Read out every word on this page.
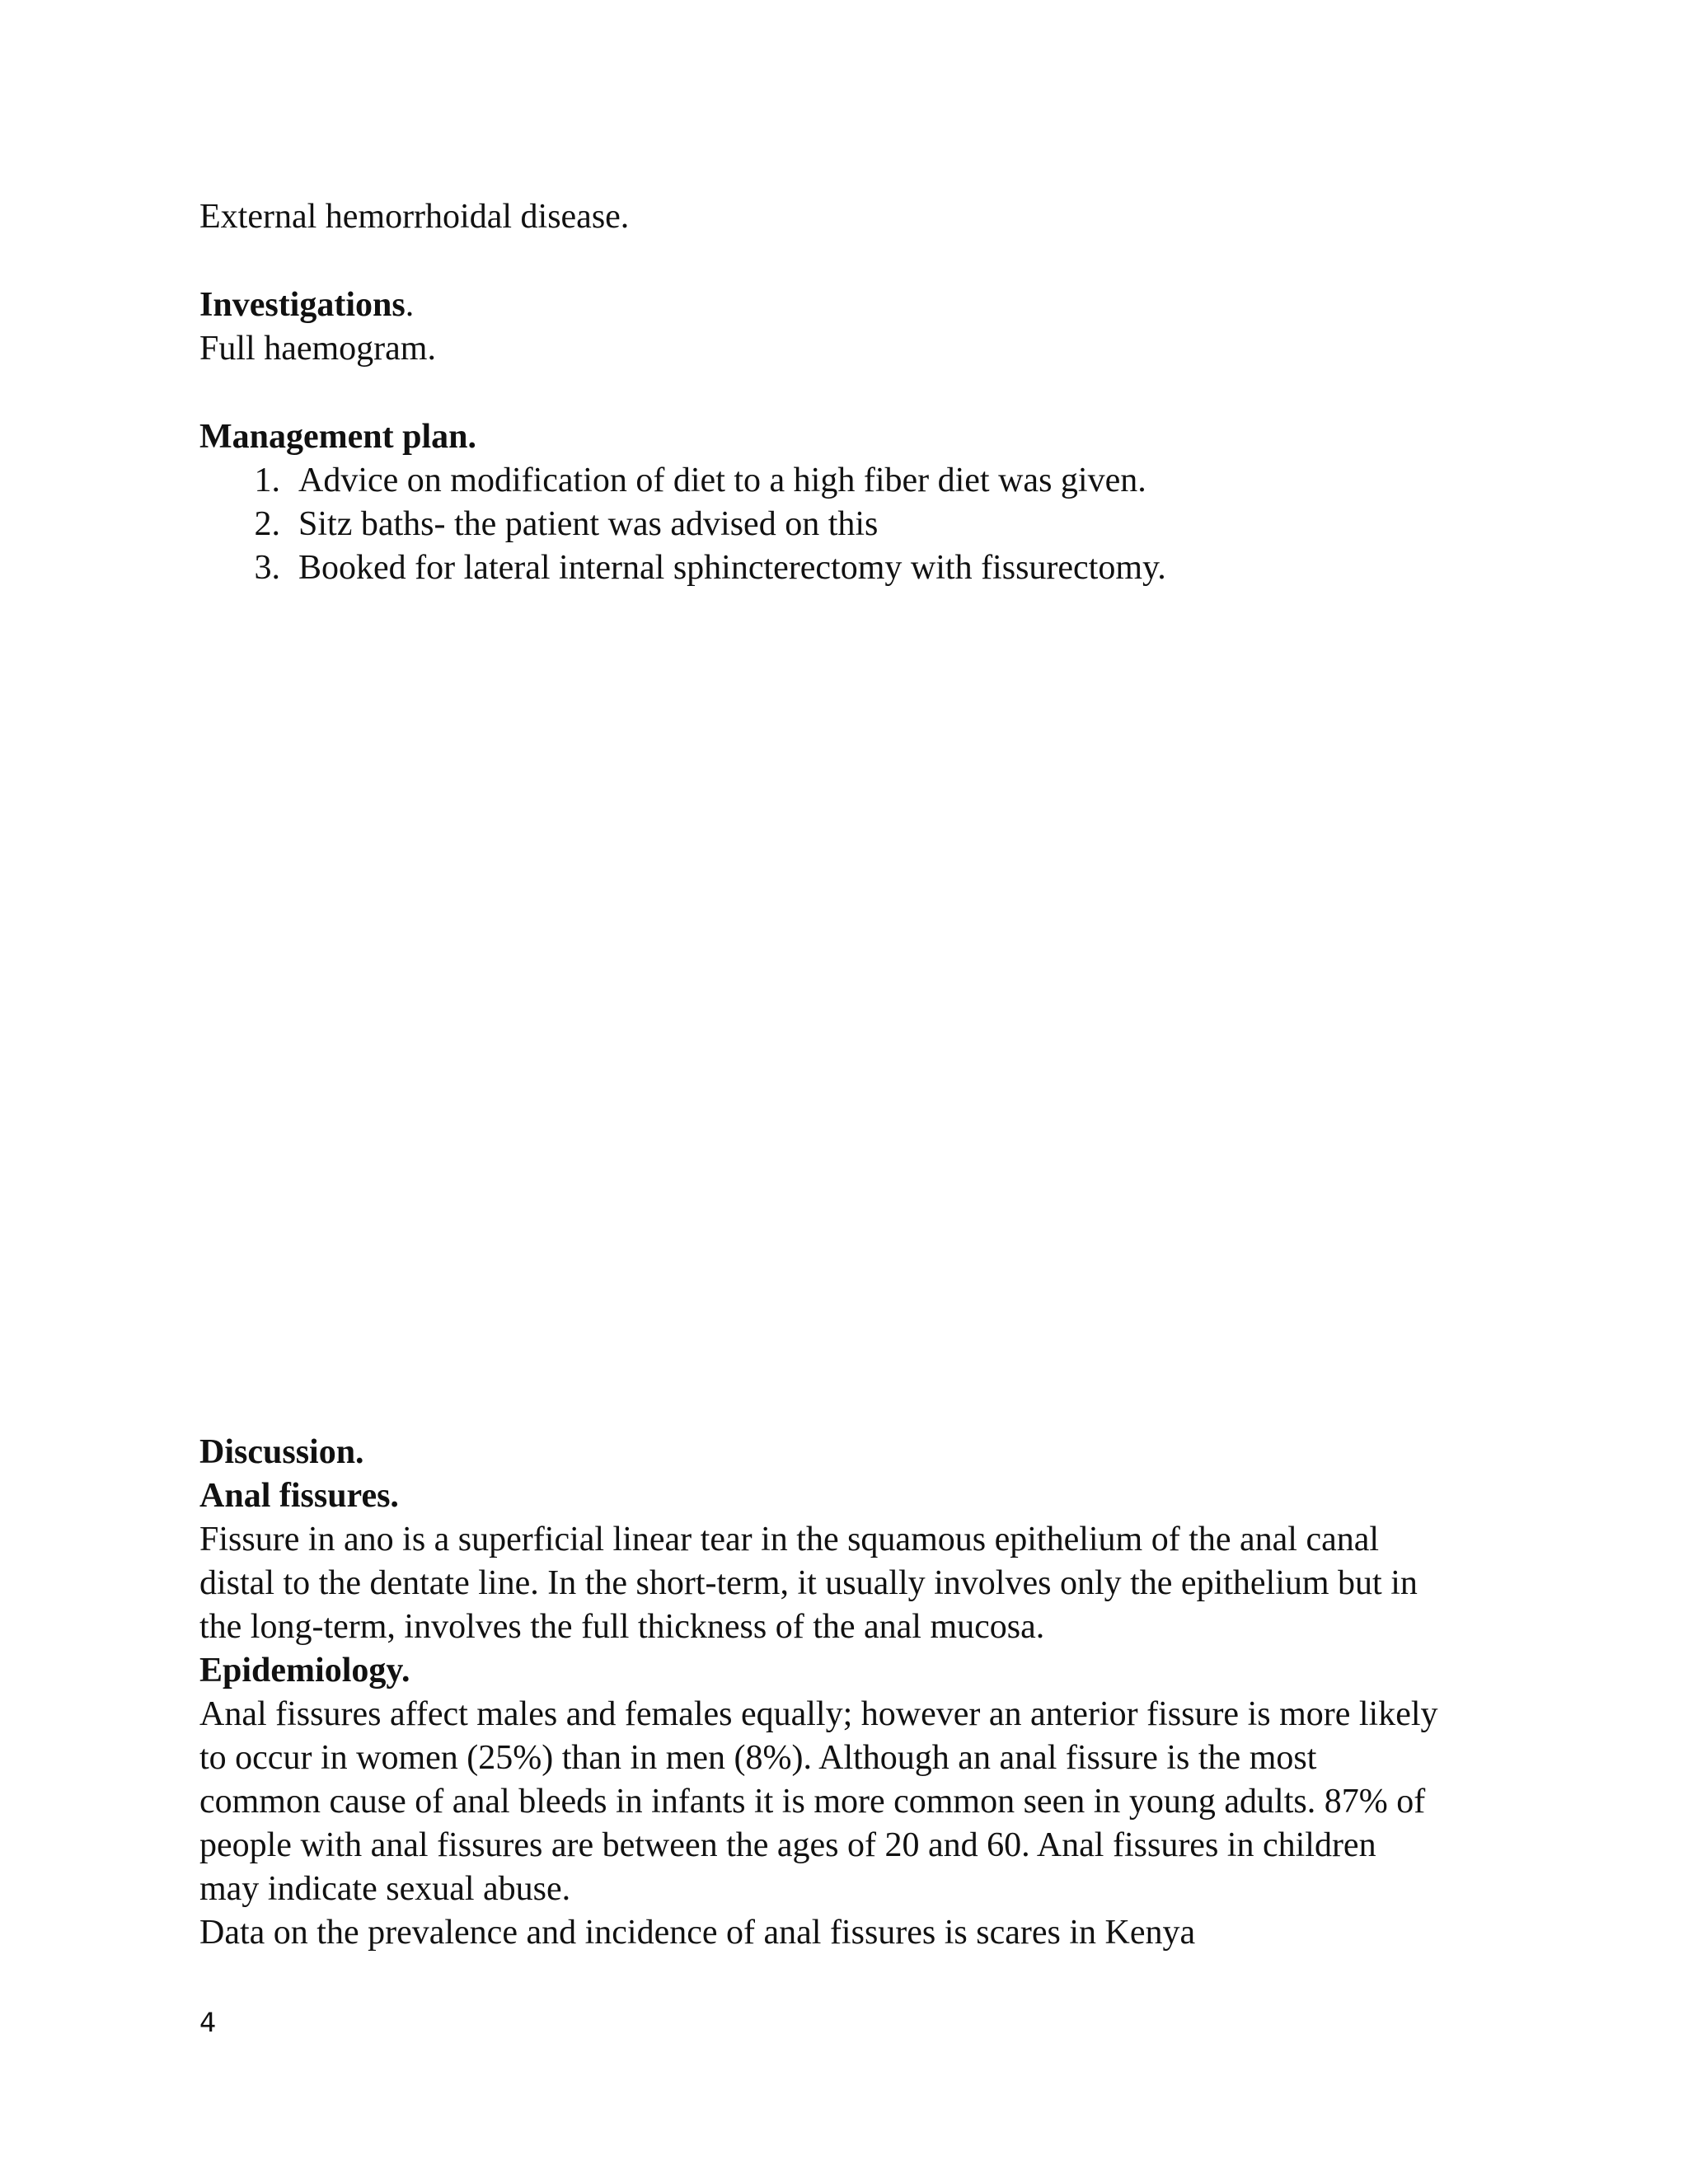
External hemorrhoidal disease.
Investigations.
Full haemogram.
Management plan.
1. Advice on modification of diet to a high fiber diet was given.
2. Sitz baths- the patient was advised on this
3. Booked for lateral internal sphincterectomy with fissurectomy.
Discussion.
Anal fissures.
Fissure in ano is a superficial linear tear in the squamous epithelium of the anal canal
distal to the dentate line. In the short-term, it usually involves only the epithelium but in
the long-term, involves the full thickness of the anal mucosa.
Epidemiology.
Anal fissures affect males and females equally; however an anterior fissure is more likely
to occur in women (25%) than in men (8%). Although an anal fissure is the most
common cause of anal bleeds in infants it is more common seen in young adults. 87% of
people with anal fissures are between the ages of 20 and 60. Anal fissures in children
may indicate sexual abuse.
Data on the prevalence and incidence of anal fissures is scares in Kenya
4
